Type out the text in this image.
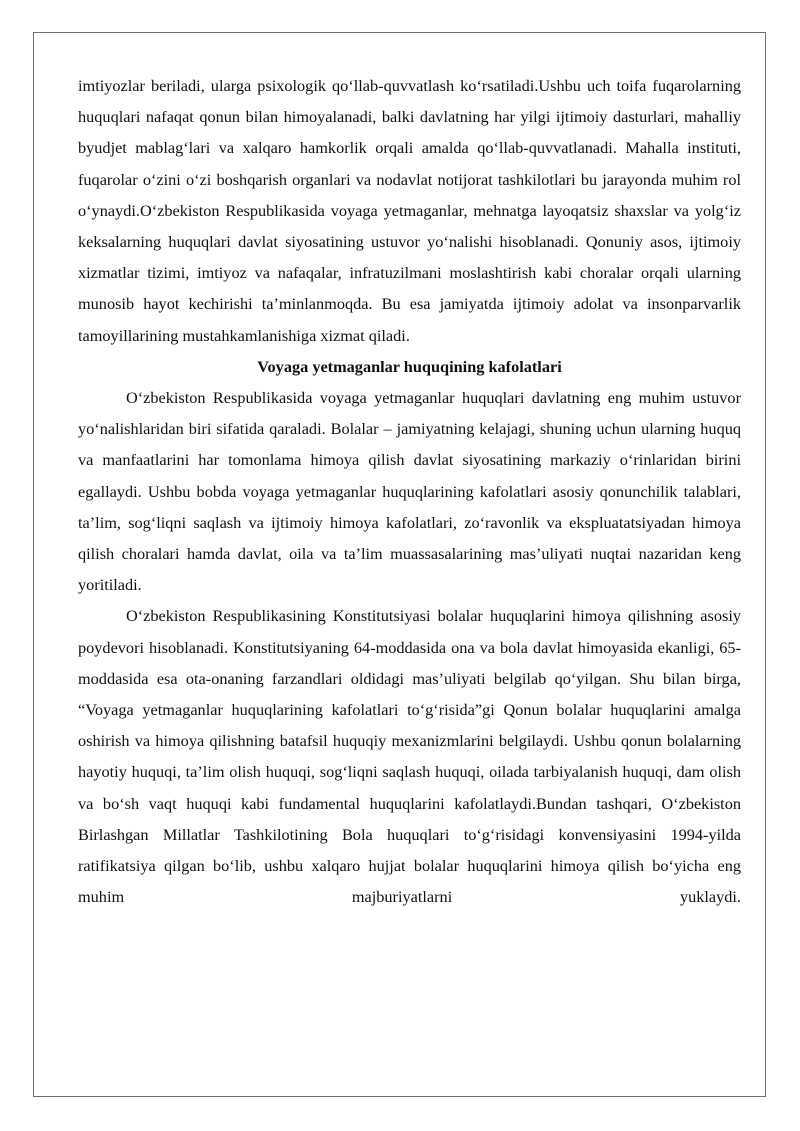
imtiyozlar beriladi, ularga psixologik qo‘llab-quvvatlash ko‘rsatiladi.Ushbu uch toifa fuqarolarning huquqlari nafaqat qonun bilan himoyalanadi, balki davlatning har yilgi ijtimoiy dasturlari, mahalliy byudjet mablag‘lari va xalqaro hamkorlik orqali amalda qo‘llab-quvvatlanadi. Mahalla instituti, fuqarolar o‘zini o‘zi boshqarish organlari va nodavlat notijorat tashkilotlari bu jarayonda muhim rol o‘ynaydi.O‘zbekiston Respublikasida voyaga yetmaganlar, mehnatga layoqatsiz shaxslar va yolg‘iz keksalarning huquqlari davlat siyosatining ustuvor yo‘nalishi hisoblanadi. Qonuniy asos, ijtimoiy xizmatlar tizimi, imtiyoz va nafaqalar, infratuzilmani moslashtirish kabi choralar orqali ularning munosib hayot kechirishi ta’minlanmoqda. Bu esa jamiyatda ijtimoiy adolat va insonparvarlik tamoyillarining mustahkamlanishiga xizmat qiladi.

Voyaga yetmaganlar huquqining kafolatlari

O‘zbekiston Respublikasida voyaga yetmaganlar huquqlari davlatning eng muhim ustuvor yo‘nalishlaridan biri sifatida qaraladi. Bolalar – jamiyatning kelajagi, shuning uchun ularning huquq va manfaatlarini har tomonlama himoya qilish davlat siyosatining markaziy o‘rinlaridan birini egallaydi. Ushbu bobda voyaga yetmaganlar huquqlarining kafolatlari asosiy qonunchilik talablari, ta’lim, sog‘liqni saqlash va ijtimoiy himoya kafolatlari, zo‘ravonlik va ekspluatatsiyadan himoya qilish choralari hamda davlat, oila va ta’lim muassasalarining mas’uliyati nuqtai nazaridan keng yoritiladi.

O‘zbekiston Respublikasining Konstitutsiyasi bolalar huquqlarini himoya qilishning asosiy poydevori hisoblanadi. Konstitutsiyaning 64-moddasida ona va bola davlat himoyasida ekanligi, 65-moddasida esa ota-onaning farzandlari oldidagi mas’uliyati belgilab qo‘yilgan. Shu bilan birga, “Voyaga yetmaganlar huquqlarining kafolatlari to‘g‘risida”gi Qonun bolalar huquqlarini amalga oshirish va himoya qilishning batafsil huquqiy mexanizmlarini belgilaydi. Ushbu qonun bolalarning hayotiy huquqi, ta’lim olish huquqi, sog‘liqni saqlash huquqi, oilada tarbiyalanish huquqi, dam olish va bo‘sh vaqt huquqi kabi fundamental huquqlarini kafolatlaydi.Bundan tashqari, O‘zbekiston Birlashgan Millatlar Tashkilotining Bola huquqlari to‘g‘risidagi konvensiyasini 1994-yilda ratifikatsiya qilgan bo‘lib, ushbu xalqaro hujjat bolalar huquqlarini himoya qilish bo‘yicha eng muhim majburiyatlarni yuklaydi.
